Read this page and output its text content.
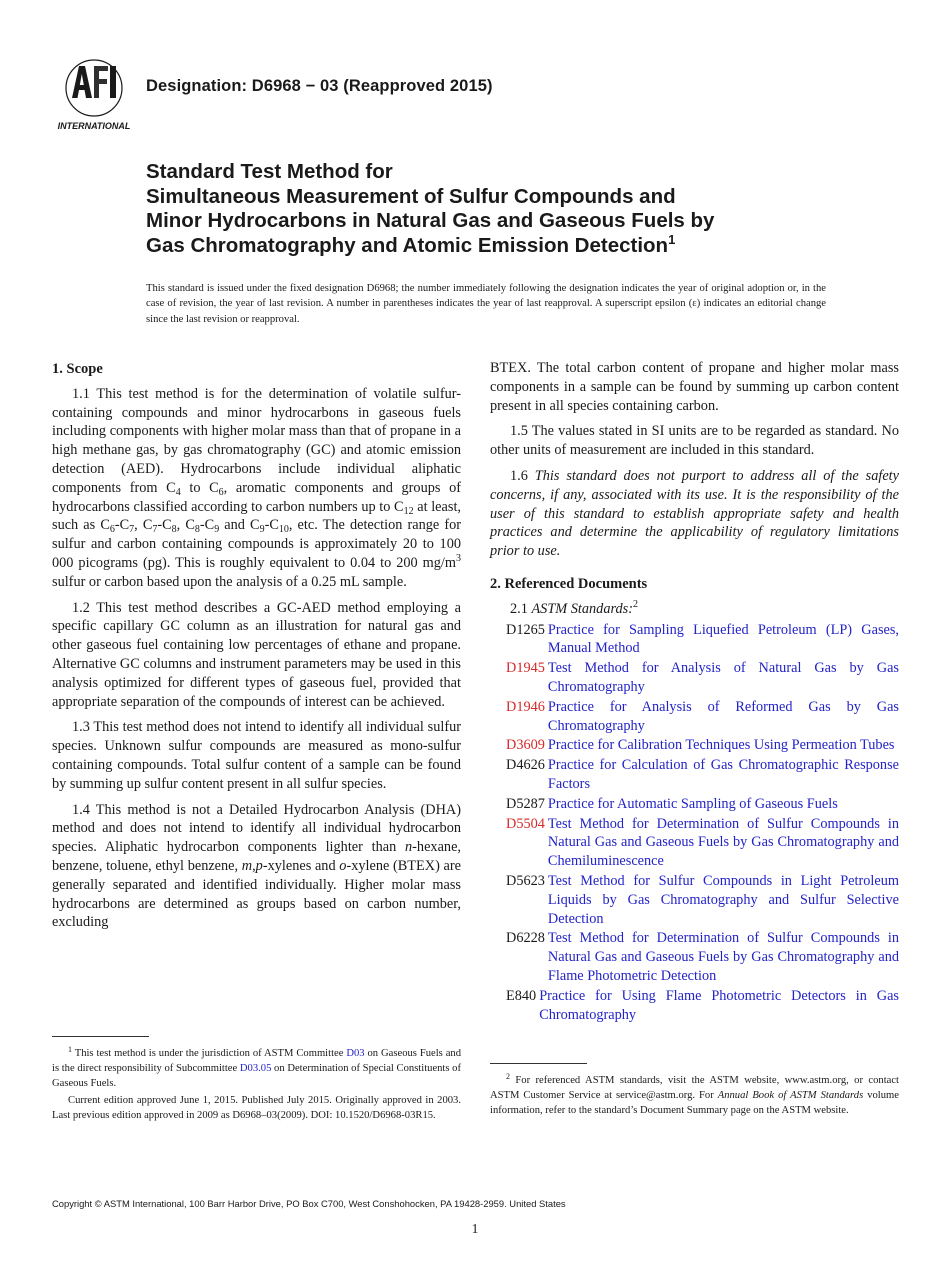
INTERNATIONAL
Designation: D6968 − 03 (Reapproved 2015)
Standard Test Method for
Simultaneous Measurement of Sulfur Compounds and
Minor Hydrocarbons in Natural Gas and Gaseous Fuels by
Gas Chromatography and Atomic Emission Detection$^1$
This standard is issued under the fixed designation D6968; the number immediately following the designation indicates the year of original adoption or, in the case of revision, the year of last revision. A number in parentheses indicates the year of last reapproval. A superscript epsilon (ε) indicates an editorial change since the last revision or reapproval.
1. Scope

1.1 This test method is for the determination of volatile sulfur-containing compounds and minor hydrocarbons in gaseous fuels including components with higher molar mass than that of propane in a high methane gas, by gas chromatography (GC) and atomic emission detection (AED). Hydrocarbons include individual aliphatic components from $C_4$ to $C_6$, aromatic components and groups of hydrocarbons classified according to carbon numbers up to $C_{12}$ at least, such as $C_6-C_7$, $C_7-C_8$, $C_8-C_9$ and $C_9-C_{10}$, etc. The detection range for sulfur and carbon containing compounds is approximately 20 to 100 000 picograms (pg). This is roughly equivalent to 0.04 to 200 $mg/m^3$ sulfur or carbon based upon the analysis of a 0.25 mL sample.

1.2 This test method describes a GC-AED method employing a specific capillary GC column as an illustration for natural gas and other gaseous fuel containing low percentages of ethane and propane. Alternative GC columns and instrument parameters may be used in this analysis optimized for different types of gaseous fuel, provided that appropriate separation of the compounds of interest can be achieved.

1.3 This test method does not intend to identify all individual sulfur species. Unknown sulfur compounds are measured as mono-sulfur containing compounds. Total sulfur content of a sample can be found by summing up sulfur content present in all sulfur species.

1.4 This method is not a Detailed Hydrocarbon Analysis (DHA) method and does not intend to identify all individual hydrocarbon species. Aliphatic hydrocarbon components lighter than n-hexane, benzene, toluene, ethyl benzene, m,p-xylenes and o-xylene (BTEX) are generally separated and identified individually. Higher molar mass hydrocarbons are determined as groups based on carbon number, excluding

BTEX. The total carbon content of propane and higher molar mass components in a sample can be found by summing up carbon content present in all species containing carbon.

1.5 The values stated in SI units are to be regarded as standard. No other units of measurement are included in this standard.

1.6 This standard does not purport to address all of the safety concerns, if any, associated with its use. It is the responsibility of the user of this standard to establish appropriate safety and health practices and determine the applicability of regulatory limitations prior to use.

2. Referenced Documents

2.1 ASTM Standards:$^2$

D1265 Practice for Sampling Liquefied Petroleum (LP) Gases, Manual Method
D1945 Test Method for Analysis of Natural Gas by Gas Chromatography
D1946 Practice for Analysis of Reformed Gas by Gas Chromatography
D3609 Practice for Calibration Techniques Using Permeation Tubes
D4626 Practice for Calculation of Gas Chromatographic Response Factors
D5287 Practice for Automatic Sampling of Gaseous Fuels
D5504 Test Method for Determination of Sulfur Compounds in Natural Gas and Gaseous Fuels by Gas Chromatography and Chemiluminescence
D5623 Test Method for Sulfur Compounds in Light Petroleum Liquids by Gas Chromatography and Sulfur Selective Detection
D6228 Test Method for Determination of Sulfur Compounds in Natural Gas and Gaseous Fuels by Gas Chromatography and Flame Photometric Detection
E840 Practice for Using Flame Photometric Detectors in Gas Chromatography

$^1$ This test method is under the jurisdiction of ASTM Committee D03 on Gaseous Fuels and is the direct responsibility of Subcommittee D03.05 on Determination of Special Constituents of Gaseous Fuels.

Current edition approved June 1, 2015. Published July 2015. Originally approved in 2003. Last previous edition approved in 2009 as D6968–03(2009). DOI: 10.1520/D6968-03R15.

$^2$ For referenced ASTM standards, visit the ASTM website, www.astm.org, or contact ASTM Customer Service at service@astm.org. For Annual Book of ASTM Standards volume information, refer to the standard’s Document Summary page on the ASTM website.

Copyright © ASTM International, 100 Barr Harbor Drive, PO Box C700, West Conshohocken, PA 19428-2959. United States
1
